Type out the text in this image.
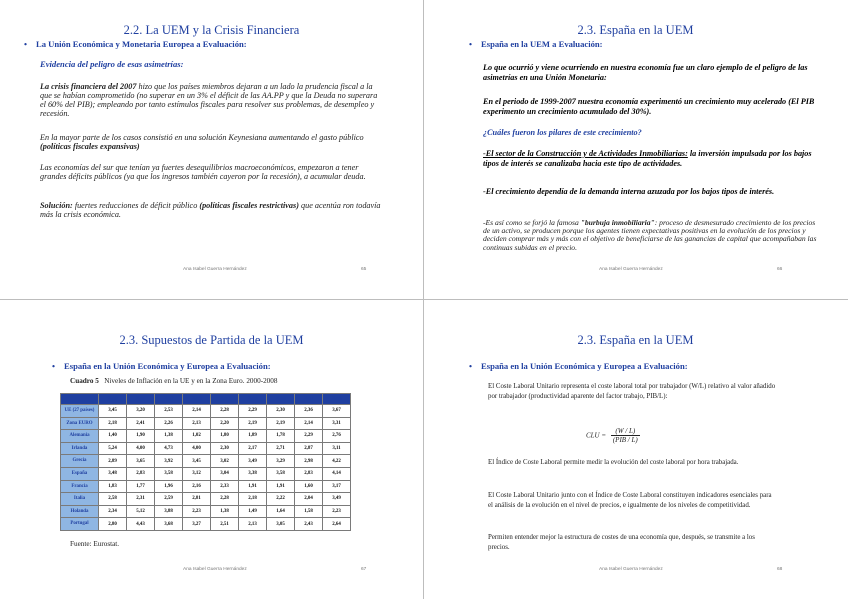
2.2. La UEM y la Crisis Financiera
• La Unión Económica y Monetaria Europea a Evaluación:
Evidencia del peligro de esas asimetrías:
La crisis financiera del 2007 hizo que los países miembros dejaran a un lado la prudencia fiscal a la que se habían comprometido (no superar en un 3% el déficit de las AA.PP y que la Deuda no superara el 60% del PIB); empleando por tanto estímulos fiscales para resolver sus problemas, de desempleo y recesión.
En la mayor parte de los casos consistió en una solución Keynesiana aumentando el gasto público (políticas fiscales expansivas)
Las economías del sur que tenían ya fuertes desequilibrios macroeconómicos, empezaron a tener grandes déficits públicos (ya que los ingresos también cayeron por la recesión), a acumular deuda.
Solución: fuertes reducciones de déficit público (políticas fiscales restrictivas) que acentúa ron todavía más la crisis económica.
Ana Isabel Guerra Hernández	65
2.3. España en la UEM
• España en la UEM a Evaluación:
Lo que ocurrió y viene ocurriendo en nuestra economía fue un claro ejemplo de el peligro de las asimetrías en una Unión Monetaria:
En el periodo de 1999-2007 nuestra economía experimentó un crecimiento muy acelerado (El PIB experimento un crecimiento acumulado del 30%).
¿Cuáles fueron los pilares de este crecimiento?
-El sector de la Construcción y de Actividades Inmobiliarias: la inversión impulsada por los bajos tipos de interés se canalizaba hacia este tipo de actividades.
-El crecimiento dependía de la demanda interna azuzada por los bajos tipos de interés.
-Es así como se forjó la famosa "burbuja inmobiliaria": proceso de desmesurado crecimiento de los precios de un activo, se producen porque los agentes tienen expectativas positivas en la evolución de los precios y deciden comprar más y más con el objetivo de beneficiarse de las ganancias de capital que acompañaban las continuas subidas en el precio.
Ana Isabel Guerra Hernández	66
2.3. Supuestos de Partida de la UEM
• España en la Unión Económica y Europea a Evaluación:
Cuadro 5 Niveles de Inflación en la UE y en la Zona Euro. 2000-2008
	2000	2001	2002	2003	2004	2005	2006	2007	2008
UE (27 países)	3,45	3,20	2,53	2,14	2,28	2,29	2,30	2,36	3,67
Zona EURO	2,18	2,41	2,26	2,13	2,20	2,19	2,19	2,14	3,31
Alemania	1,40	1,90	1,38	1,02	1,80	1,89	1,78	2,29	2,76
Irlanda	5,24	4,00	4,73	4,00	2,30	2,17	2,71	2,87	3,11
Grecia	2,89	3,65	3,92	3,45	3,02	3,49	3,29	2,98	4,22
España	3,48	2,83	3,58	3,12	3,04	3,38	3,58	2,83	4,14
Francia	1,83	1,77	1,96	2,16	2,33	1,91	1,91	1,60	3,17
Italia	2,58	2,31	2,59	2,81	2,28	2,18	2,22	2,04	3,49
Holanda	2,34	5,12	3,88	2,23	1,38	1,49	1,64	1,58	2,23
Portugal	2,80	4,43	3,68	3,27	2,51	2,13	3,05	2,43	2,64
Fuente: Eurostat.
Ana Isabel Guerra Hernández	67
2.3. España en la UEM
• España en la Unión Económica y Europea a Evaluación:
El Coste Laboral Unitario representa el coste laboral total por trabajador (W/L) relativo al valor añadido por trabajador (productividad aparente del factor trabajo, PIB/L):
CLU =
(W / L)
(PIB / L)
El Índice de Coste Laboral permite medir la evolución del coste laboral por hora trabajada.
El Coste Laboral Unitario junto con el Índice de Coste Laboral constituyen indicadores esenciales para el análisis de la evolución en el nivel de precios, e igualmente de los niveles de competitividad.
Permiten entender mejor la estructura de costes de una economía que, después, se transmite a los precios.
Ana Isabel Guerra Hernández	68
